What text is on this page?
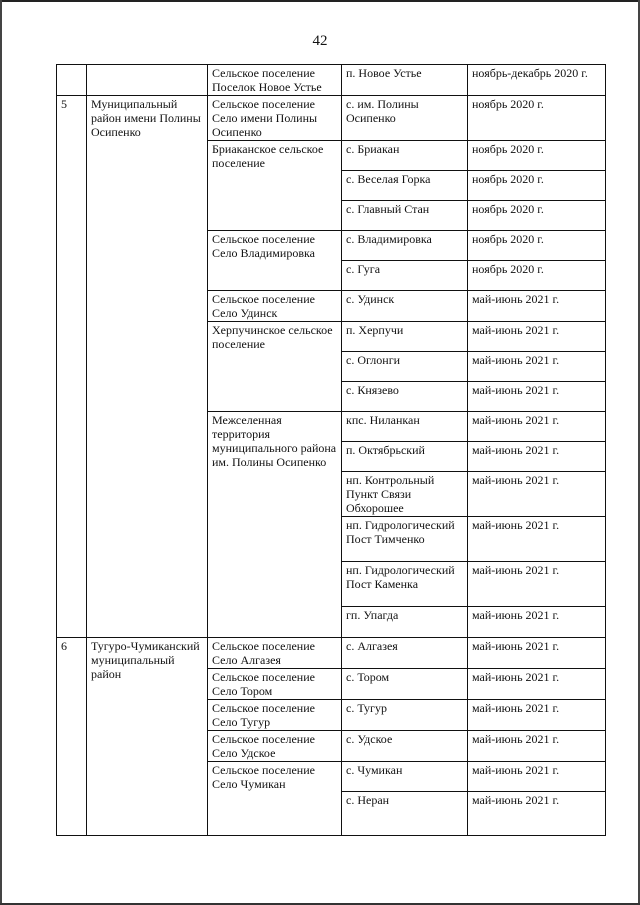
42
		Сельское поселение Поселок Новое Устье	п. Новое Устье	ноябрь-декабрь 2020 г.
5	Муниципальный район имени Полины Осипенко	Сельское поселение Село имени Полины Осипенко	с. им. Полины Осипенко	ноябрь 2020 г.
		Бриаканское сельское поселение	с. Бриакан	ноябрь 2020 г.
			с. Веселая Горка	ноябрь 2020 г.
			с. Главный Стан	ноябрь 2020 г.
		Сельское поселение Село Владимировка	с. Владимировка	ноябрь 2020 г.
			с. Гуга	ноябрь 2020 г.
		Сельское поселение Село Удинск	с. Удинск	май-июнь 2021 г.
		Херпучинское сельское поселение	п. Херпучи	май-июнь 2021 г.
			с. Оглонги	май-июнь 2021 г.
			с. Князево	май-июнь 2021 г.
		Межселенная территория муниципального района им. Полины Осипенко	кпс. Ниланкан	май-июнь 2021 г.
			п. Октябрьский	май-июнь 2021 г.
			нп. Контрольный Пункт Связи Обхорошее	май-июнь 2021 г.
			нп. Гидрологический Пост Тимченко	май-июнь 2021 г.
			нп. Гидрологический Пост Каменка	май-июнь 2021 г.
			гп. Упагда	май-июнь 2021 г.
6	Тугуро-Чумиканский муниципальный район	Сельское поселение Село Алгазея	с. Алгазея	май-июнь 2021 г.
		Сельское поселение Село Тором	с. Тором	май-июнь 2021 г.
		Сельское поселение Село Тугур	с. Тугур	май-июнь 2021 г.
		Сельское поселение Село Удское	с. Удское	май-июнь 2021 г.
		Сельское поселение Село Чумикан	с. Чумикан	май-июнь 2021 г.
			с. Неран	май-июнь 2021 г.
